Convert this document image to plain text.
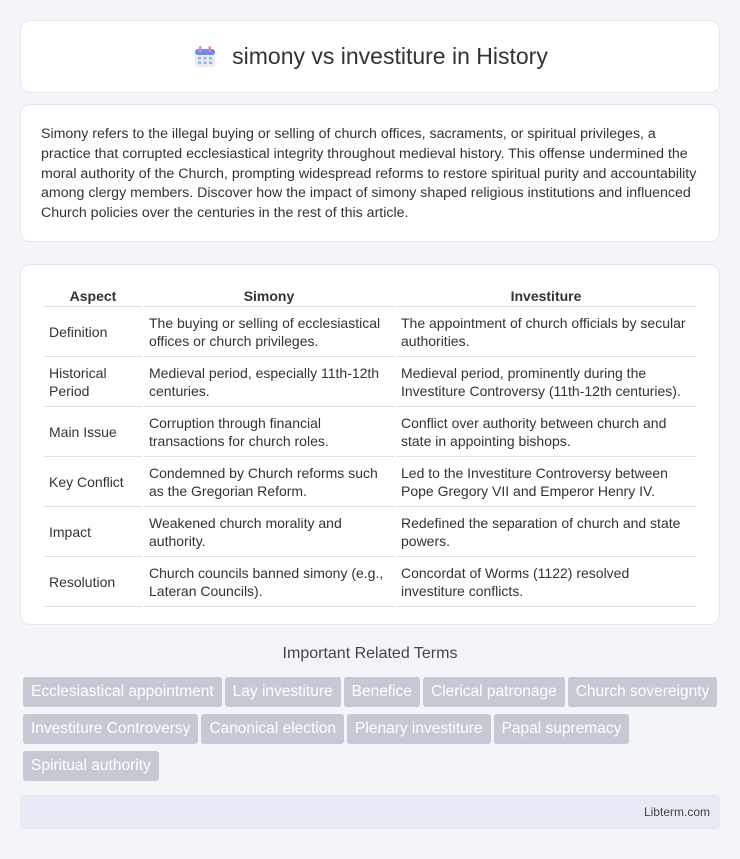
simony vs investiture in History

Simony refers to the illegal buying or selling of church offices, sacraments, or spiritual privileges, a practice that corrupted ecclesiastical integrity throughout medieval history. This offense undermined the moral authority of the Church, prompting widespread reforms to restore spiritual purity and accountability among clergy members. Discover how the impact of simony shaped religious institutions and influenced Church policies over the centuries in the rest of this article.

Aspect	Simony	Investiture
Definition	The buying or selling of ecclesiastical offices or church privileges.	The appointment of church officials by secular authorities.
Historical Period	Medieval period, especially 11th-12th centuries.	Medieval period, prominently during the Investiture Controversy (11th-12th centuries).
Main Issue	Corruption through financial transactions for church roles.	Conflict over authority between church and state in appointing bishops.
Key Conflict	Condemned by Church reforms such as the Gregorian Reform.	Led to the Investiture Controversy between Pope Gregory VII and Emperor Henry IV.
Impact	Weakened church morality and authority.	Redefined the separation of church and state powers.
Resolution	Church councils banned simony (e.g., Lateran Councils).	Concordat of Worms (1122) resolved investiture conflicts.
Important Related Terms
Ecclesiastical appointment Lay investiture Benefice Clerical patronage Church sovereigntyInvestiture Controversy Canonical election Plenary investiture Papal supremacySpiritual authority
Libterm.com
